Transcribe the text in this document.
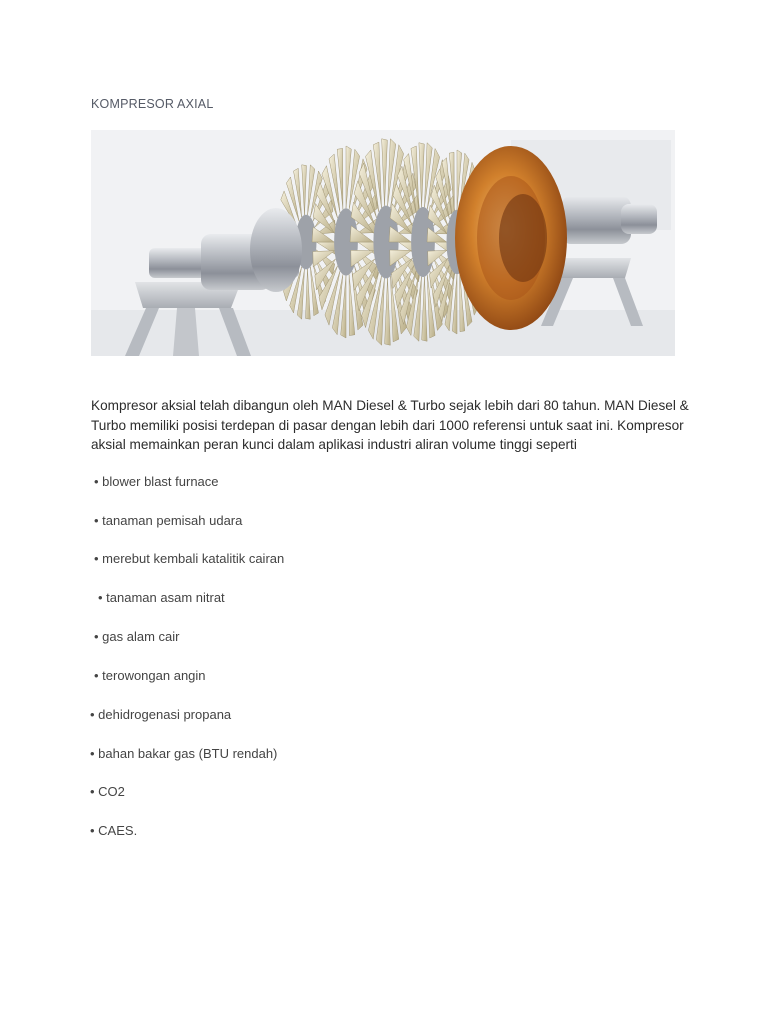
KOMPRESOR AXIAL

Kompresor aksial telah dibangun oleh MAN Diesel & Turbo sejak lebih dari 80 tahun. MAN Diesel & Turbo memiliki posisi terdepan di pasar dengan lebih dari 1000 referensi untuk saat ini. Kompresor aksial memainkan peran kunci dalam aplikasi industri aliran volume tinggi seperti

• blower blast furnace
• tanaman pemisah udara
• merebut kembali katalitik cairan
• tanaman asam nitrat
• gas alam cair
• terowongan angin
• dehidrogenasi propana
• bahan bakar gas (BTU rendah)
• CO2
• CAES.
